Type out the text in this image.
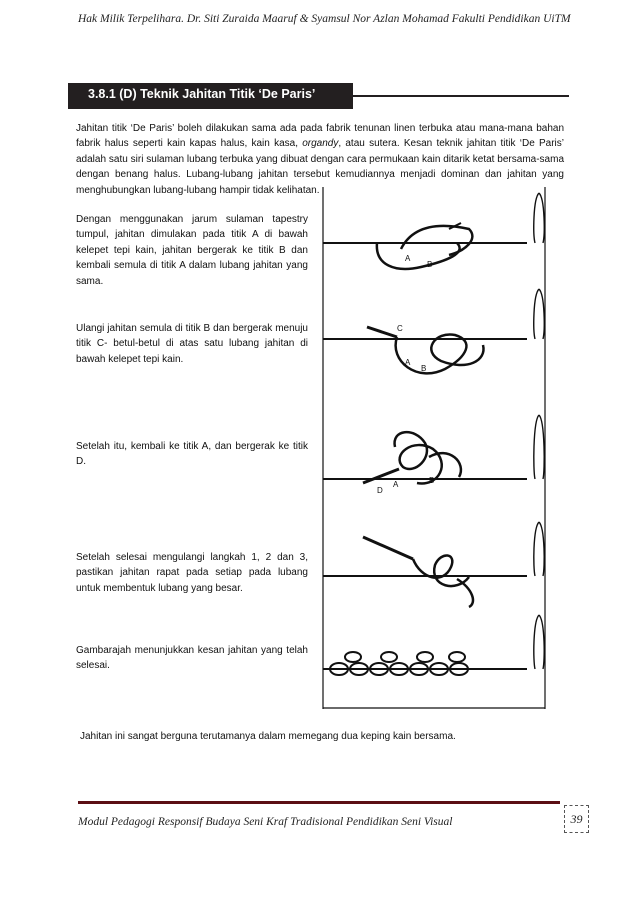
Hak Milik Terpelihara. Dr. Siti Zuraida Maaruf & Syamsul Nor Azlan Mohamad Fakulti Pendidikan UiTM
3.8.1 (D) Teknik Jahitan Titik ‘De Paris’
Jahitan titik ‘De Paris’ boleh dilakukan sama ada pada fabrik tenunan linen terbuka atau mana-mana bahan fabrik halus seperti kain kapas halus, kain kasa, organdy, atau sutera. Kesan teknik jahitan titik ‘De Paris’ adalah satu siri sulaman lubang terbuka yang dibuat dengan cara permukaan kain ditarik ketat bersama-sama dengan benang halus. Lubang-lubang jahitan tersebut kemudiannya menjadi dominan dan jahitan yang menghubungkan lubang-lubang hampir tidak kelihatan.
Dengan menggunakan jarum sulaman tapestry tumpul, jahitan dimulakan pada titik A di bawah kelepet tepi kain, jahitan bergerak ke titik B dan kembali semula di titik A dalam lubang jahitan yang sama.
Ulangi jahitan semula di titik B dan bergerak menuju titik C- betul-betul di atas satu lubang jahitan di bawah kelepet tepi kain.
Setelah itu, kembali ke titik A, dan bergerak ke titik D.
Setelah selesai mengulangi langkah 1, 2 dan 3, pastikan jahitan rapat pada setiap pada lubang untuk membentuk lubang yang besar.
Gambarajah menunjukkan kesan jahitan yang telah selesai.
A
B
C
A
B
D
A	B
Jahitan ini sangat berguna terutamanya dalam memegang dua keping kain bersama.
Modul Pedagogi Responsif Budaya Seni Kraf Tradisional Pendidikan Seni Visual	39
